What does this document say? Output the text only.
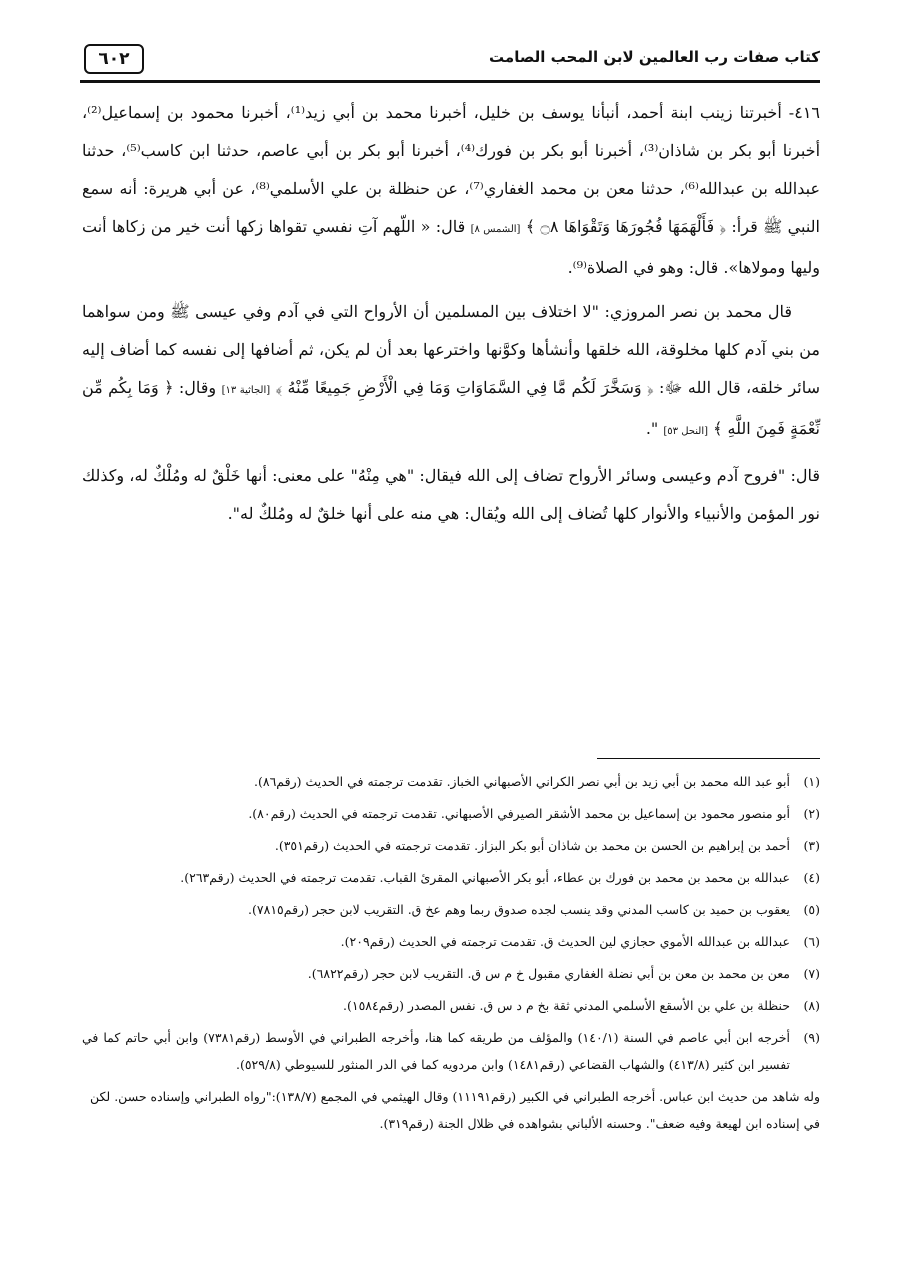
كتاب صفات رب العالمين لابن المحب الصامت
٦٠٢

٤١٦- أخبرتنا زينب ابنة أحمد، أنبأنا يوسف بن خليل، أخبرنا محمد بن أبي زيد⁽¹⁾، أخبرنا محمود بن إسماعيل⁽²⁾، أخبرنا أبو بكر بن شاذان⁽³⁾، أخبرنا أبو بكر بن فورك⁽⁴⁾، أخبرنا أبو بكر بن أبي عاصم، حدثنا ابن كاسب⁽⁵⁾، حدثنا عبدالله بن عبدالله⁽⁶⁾، حدثنا معن بن محمد الغفاري⁽⁷⁾، عن حنظلة بن علي الأسلمي⁽⁸⁾، عن أبي هريرة: أنه سمع النبي ﷺ قرأ: ﴿ فَأَلْهَمَهَا فُجُورَهَا وَتَقْوَاهَا ۝٨ ﴾ [الشمس ٨] قال: « اللّهم آتِ نفسي تقواها زكها أنت خير من زكاها أنت وليها ومولاها». قال: وهو في الصلاة⁽⁹⁾.

قال محمد بن نصر المروزي: "لا اختلاف بين المسلمين أن الأرواح التي في آدم وفي عيسى ﷺ ومن سواهما من بني آدم كلها مخلوقة، الله خلقها وأنشأها وكوَّنها واخترعها بعد أن لم يكن، ثم أضافها إلى نفسه كما أضاف إليه سائر خلقه، قال الله ﷻ: ﴿ وَسَخَّرَ لَكُم مَّا فِي السَّمَاوَاتِ وَمَا فِي الْأَرْضِ جَمِيعًا مِّنْهُ ﴾ [الجاثية ١٣] وقال: ﴿ وَمَا بِكُم مِّن نِّعْمَةٍ فَمِنَ اللَّهِ ﴾ [النحل ٥٣] ".

قال: "فروح آدم وعيسى وسائر الأرواح تضاف إلى الله فيقال: "هي مِنْهُ" على معنى: أنها خَلْقٌ له ومُلْكٌ له، وكذلك نور المؤمن والأنبياء والأنوار كلها تُضاف إلى الله ويُقال: هي منه على أنها خلقٌ له ومُلكٌ له".

(١)
أبو عبد الله محمد بن أبي زيد بن أبي نصر الكراني الأصبهاني الخباز. تقدمت ترجمته في الحديث (رقم٨٦).
(٢)
أبو منصور محمود بن إسماعيل بن محمد الأشقر الصيرفي الأصبهاني. تقدمت ترجمته في الحديث (رقم٨٠).
(٣)
أحمد بن إبراهيم بن الحسن بن محمد بن شاذان أبو بكر البزاز. تقدمت ترجمته في الحديث (رقم٣٥١).
(٤)
عبدالله بن محمد بن محمد بن فورك بن عطاء، أبو بكر الأصبهاني المقرئ القباب. تقدمت ترجمته في الحديث (رقم٢٦٣).
(٥)
يعقوب بن حميد بن كاسب المدني وقد ينسب لجده صدوق ربما وهم عخ ق. التقريب لابن حجر (رقم٧٨١٥).
(٦)
عبدالله بن عبدالله الأموي حجازي لين الحديث ق. تقدمت ترجمته في الحديث (رقم٢٠٩).
(٧)
معن بن محمد بن معن بن أبي نضلة الغفاري مقبول خ م س ق. التقريب لابن حجر (رقم٦٨٢٢).
(٨)
حنظلة بن علي بن الأسقع الأسلمي المدني ثقة بخ م د س ق. نفس المصدر (رقم١٥٨٤).
(٩)
أخرجه ابن أبي عاصم في السنة (١٤٠/١) والمؤلف من طريقه كما هنا، وأخرجه الطبراني في الأوسط (رقم٧٣٨١) وابن أبي حاتم كما في تفسير ابن كثير (٤١٣/٨) والشهاب القضاعي (رقم١٤٨١) وابن مردويه كما في الدر المنثور للسيوطي (٥٢٩/٨).
وله شاهد من حديث ابن عباس. أخرجه الطبراني في الكبير (رقم١١١٩١) وقال الهيثمي في المجمع (١٣٨/٧):"رواه الطبراني وإسناده حسن. لكن في إسناده ابن لهيعة وفيه ضعف". وحسنه الألباني بشواهده في ظلال الجنة (رقم٣١٩).
